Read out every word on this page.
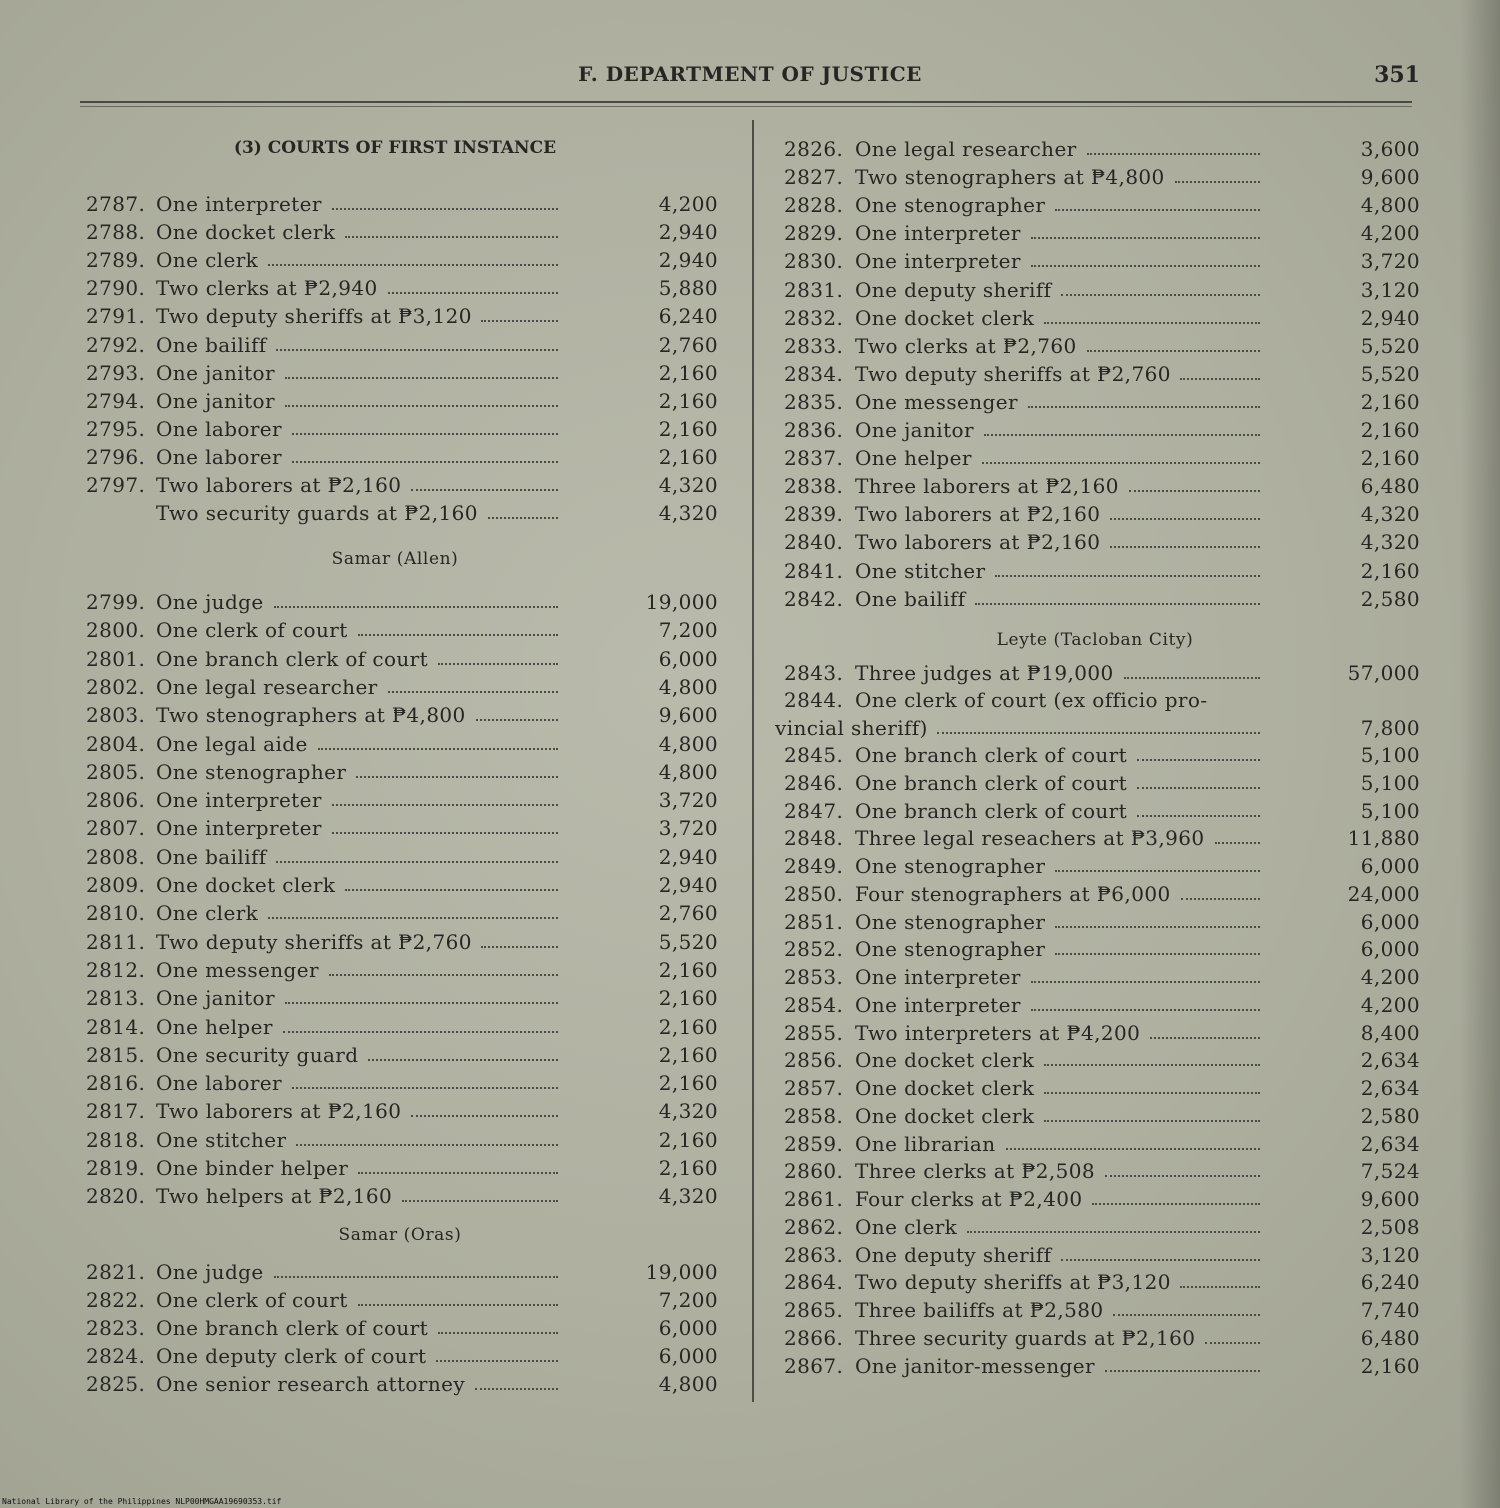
F. DEPARTMENT OF JUSTICE	351
(3) COURTS OF FIRST INSTANCE
Samar (Allen)
Samar (Oras)
Leyte (Tacloban City)
2787. One interpreter	4,200
2788. One docket clerk	2,940
2789. One clerk	2,940
2790. Two clerks at ₱2,940	5,880
2791. Two deputy sheriffs at ₱3,120	6,240
2792. One bailiff	2,760
2793. One janitor	2,160
2794. One janitor	2,160
2795. One laborer	2,160
2796. One laborer	2,160
2797. Two laborers at ₱2,160	4,320
Two security guards at ₱2,160	4,320
2799. One judge	19,000
2800. One clerk of court	7,200
2801. One branch clerk of court	6,000
2802. One legal researcher	4,800
2803. Two stenographers at ₱4,800	9,600
2804. One legal aide	4,800
2805. One stenographer	4,800
2806. One interpreter	3,720
2807. One interpreter	3,720
2808. One bailiff	2,940
2809. One docket clerk	2,940
2810. One clerk	2,760
2811. Two deputy sheriffs at ₱2,760	5,520
2812. One messenger	2,160
2813. One janitor	2,160
2814. One helper	2,160
2815. One security guard	2,160
2816. One laborer	2,160
2817. Two laborers at ₱2,160	4,320
2818. One stitcher	2,160
2819. One binder helper	2,160
2820. Two helpers at ₱2,160	4,320
2821. One judge	19,000
2822. One clerk of court	7,200
2823. One branch clerk of court	6,000
2824. One deputy clerk of court	6,000
2825. One senior research attorney	4,800
2826. One legal researcher	3,600
2827. Two stenographers at ₱4,800	9,600
2828. One stenographer	4,800
2829. One interpreter	4,200
2830. One interpreter	3,720
2831. One deputy sheriff	3,120
2832. One docket clerk	2,940
2833. Two clerks at ₱2,760	5,520
2834. Two deputy sheriffs at ₱2,760	5,520
2835. One messenger	2,160
2836. One janitor	2,160
2837. One helper	2,160
2838. Three laborers at ₱2,160	6,480
2839. Two laborers at ₱2,160	4,320
2840. Two laborers at ₱2,160	4,320
2841. One stitcher	2,160
2842. One bailiff	2,580
2843. Three judges at ₱19,000	57,000
2844. One clerk of court (ex officio pro-
vincial sheriff)	7,800
2845. One branch clerk of court	5,100
2846. One branch clerk of court	5,100
2847. One branch clerk of court	5,100
2848. Three legal reseachers at ₱3,960	11,880
2849. One stenographer	6,000
2850. Four stenographers at ₱6,000	24,000
2851. One stenographer	6,000
2852. One stenographer	6,000
2853. One interpreter	4,200
2854. One interpreter	4,200
2855. Two interpreters at ₱4,200	8,400
2856. One docket clerk	2,634
2857. One docket clerk	2,634
2858. One docket clerk	2,580
2859. One librarian	2,634
2860. Three clerks at ₱2,508	7,524
2861. Four clerks at ₱2,400	9,600
2862. One clerk	2,508
2863. One deputy sheriff	3,120
2864. Two deputy sheriffs at ₱3,120	6,240
2865. Three bailiffs at ₱2,580	7,740
2866. Three security guards at ₱2,160	6,480
2867. One janitor-messenger	2,160
National Library of the Philippines NLP00HMGAA19690353.tif
